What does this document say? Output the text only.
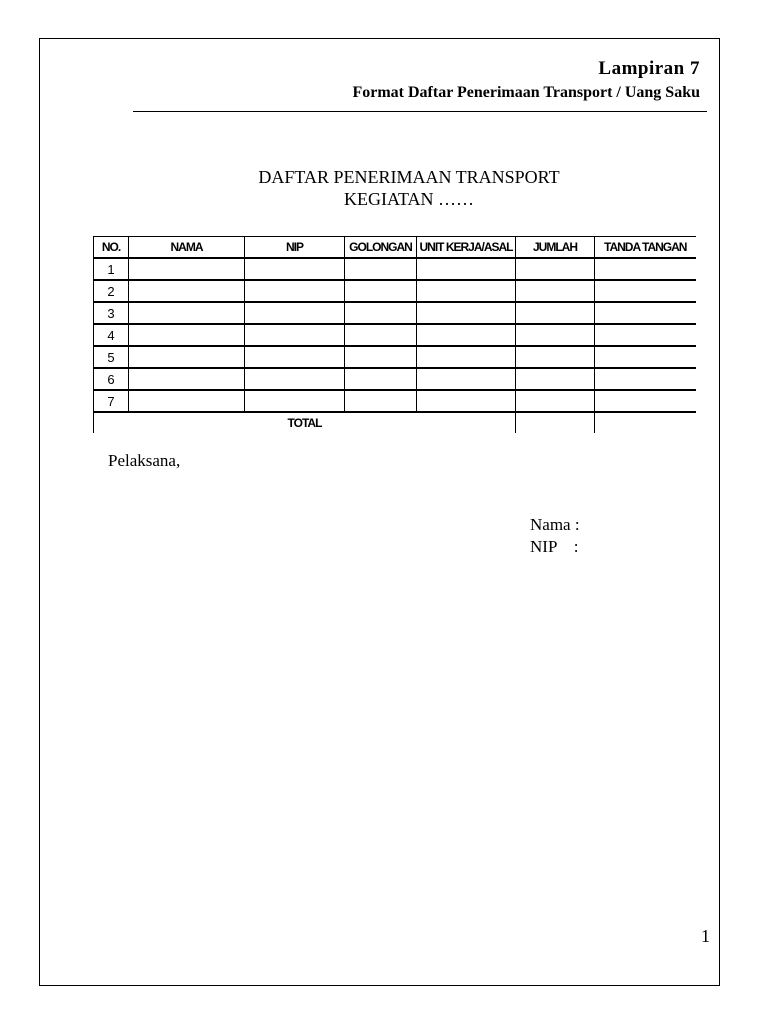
Lampiran 7
Format Daftar Penerimaan Transport / Uang Saku
DAFTAR PENERIMAAN TRANSPORT
KEGIATAN ……
NO.	NAMA	NIP	GOLONGAN	UNIT KERJA/ASAL	JUMLAH	TANDA TANGAN
1						
2						
3						
4						
5						
6						
7						
TOTAL						
Pelaksana,
Nama :
NIP    :
1
